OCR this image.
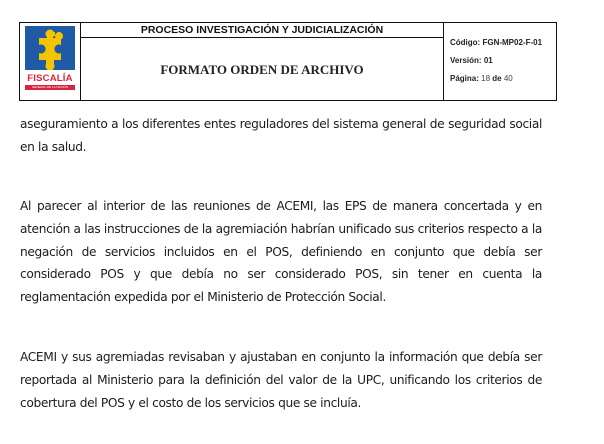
FISCALÍA
GENERAL DE LA NACIÓN
PROCESO INVESTIGACIÓN Y JUDICIALIZACIÓN
FORMATO ORDEN DE ARCHIVO
Código: FGN-MP02-F-01
Versión: 01
Página: 18 de 40

aseguramiento a los diferentes entes reguladores del sistema general de seguridad social en la salud.

Al parecer al interior de las reuniones de ACEMI, las EPS de manera concertada y en atención a las instrucciones de la agremiación habrían unificado sus criterios respecto a la negación de servicios incluidos en el POS, definiendo en conjunto que debía ser considerado POS y que debía no ser considerado POS, sin tener en cuenta la reglamentación expedida por el Ministerio de Protección Social.

ACEMI y sus agremiadas revisaban y ajustaban en conjunto la información que debía ser reportada al Ministerio para la definición del valor de la UPC, unificando los criterios de cobertura del POS y el costo de los servicios que se incluía.
